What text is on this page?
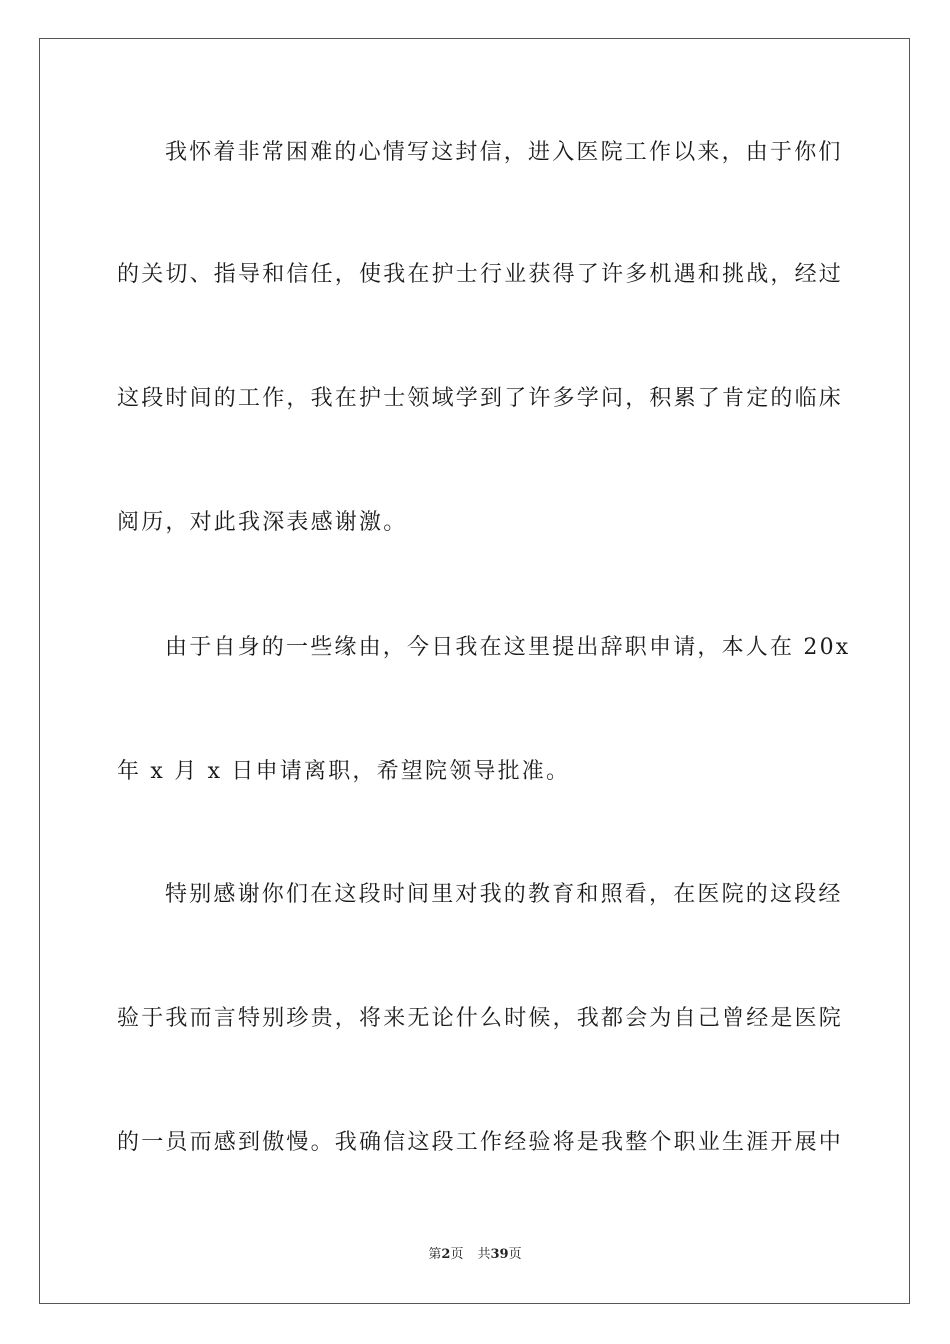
我怀着非常困难的心情写这封信，进入医院工作以来，由于你们
的关切、指导和信任，使我在护士行业获得了许多机遇和挑战，经过
这段时间的工作，我在护士领域学到了许多学问，积累了肯定的临床
阅历，对此我深表感谢激。
由于自身的一些缘由，今日我在这里提出辞职申请，本人在 20x
年 x 月 x 日申请离职，希望院领导批准。
特别感谢你们在这段时间里对我的教育和照看，在医院的这段经
验于我而言特别珍贵，将来无论什么时候，我都会为自己曾经是医院
的一员而感到傲慢。我确信这段工作经验将是我整个职业生涯开展中
第2页 共39页
